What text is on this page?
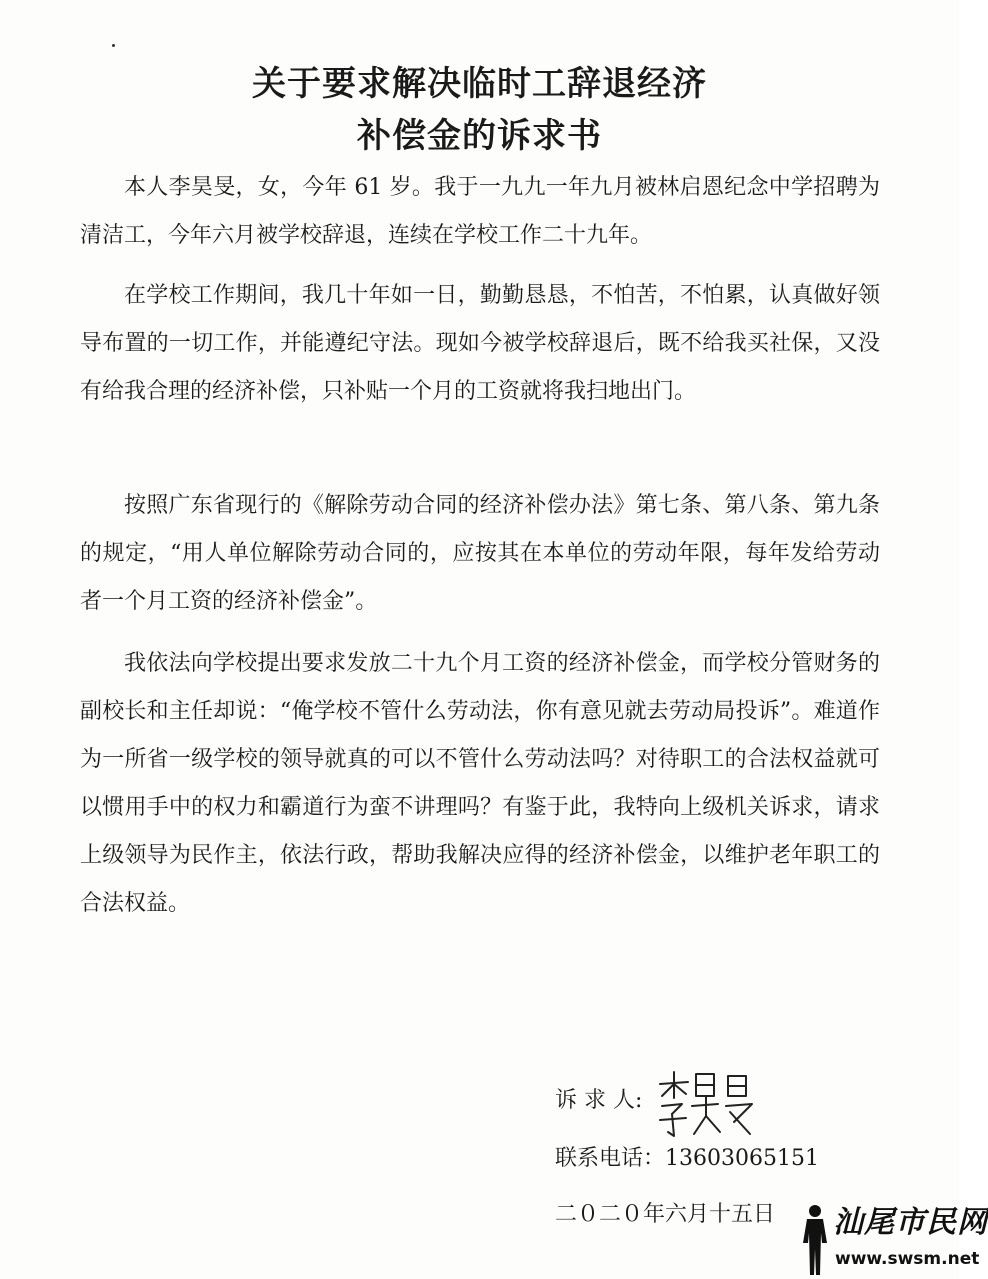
关于要求解决临时工辞退经济
补偿金的诉求书

本人李昊旻，女，今年 61 岁。我于一九九一年九月被林启恩纪念中学招聘为清洁工，今年六月被学校辞退，连续在学校工作二十九年。

在学校工作期间，我几十年如一日，勤勤恳恳，不怕苦，不怕累，认真做好领导布置的一切工作，并能遵纪守法。现如今被学校辞退后，既不给我买社保，又没有给我合理的经济补偿，只补贴一个月的工资就将我扫地出门。

按照广东省现行的《解除劳动合同的经济补偿办法》第七条、第八条、第九条的规定，“用人单位解除劳动合同的，应按其在本单位的劳动年限，每年发给劳动者一个月工资的经济补偿金”。

我依法向学校提出要求发放二十九个月工资的经济补偿金，而学校分管财务的副校长和主任却说：“俺学校不管什么劳动法，你有意见就去劳动局投诉”。难道作为一所省一级学校的领导就真的可以不管什么劳动法吗？对待职工的合法权益就可以惯用手中的权力和霸道行为蛮不讲理吗？有鉴于此，我特向上级机关诉求，请求上级领导为民作主，依法行政，帮助我解决应得的经济补偿金，以维护老年职工的合法权益。

诉 求 人:
联系电话：13603065151
二０二０年六月十五日 汕尾市民网
www.swsm.net
